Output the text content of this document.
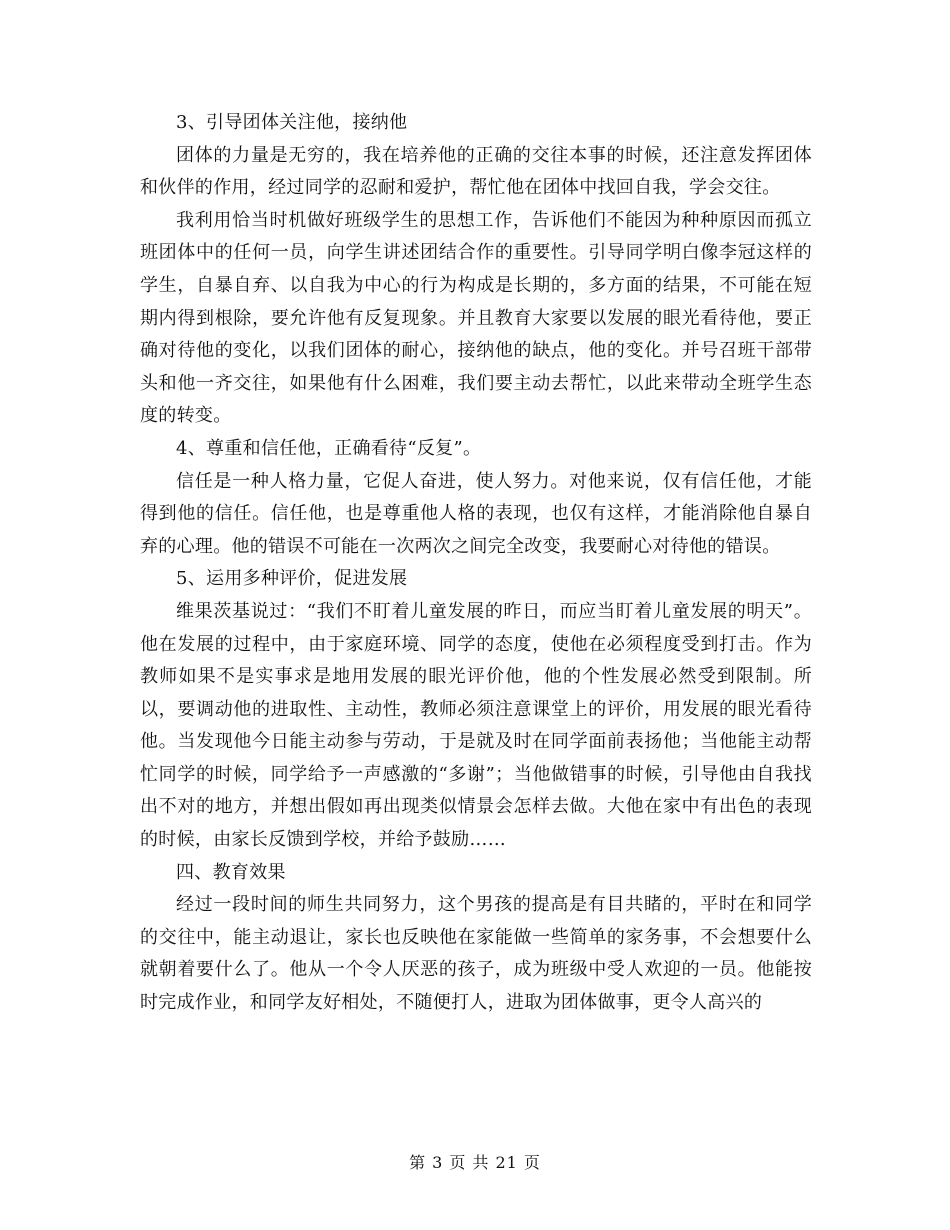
3、引导团体关注他，接纳他

团体的力量是无穷的，我在培养他的正确的交往本事的时候，还注意发挥团体和伙伴的作用，经过同学的忍耐和爱护，帮忙他在团体中找回自我，学会交往。

我利用恰当时机做好班级学生的思想工作，告诉他们不能因为种种原因而孤立班团体中的任何一员，向学生讲述团结合作的重要性。引导同学明白像李冠这样的学生，自暴自弃、以自我为中心的行为构成是长期的，多方面的结果，不可能在短期内得到根除，要允许他有反复现象。并且教育大家要以发展的眼光看待他，要正确对待他的变化，以我们团体的耐心，接纳他的缺点，他的变化。并号召班干部带头和他一齐交往，如果他有什么困难，我们要主动去帮忙，以此来带动全班学生态度的转变。

4、尊重和信任他，正确看待“反复”。

信任是一种人格力量，它促人奋进，使人努力。对他来说，仅有信任他，才能得到他的信任。信任他，也是尊重他人格的表现，也仅有这样，才能消除他自暴自弃的心理。他的错误不可能在一次两次之间完全改变，我要耐心对待他的错误。

5、运用多种评价，促进发展

维果茨基说过：“我们不盯着儿童发展的昨日，而应当盯着儿童发展的明天”。他在发展的过程中，由于家庭环境、同学的态度，使他在必须程度受到打击。作为教师如果不是实事求是地用发展的眼光评价他，他的个性发展必然受到限制。所以，要调动他的进取性、主动性，教师必须注意课堂上的评价，用发展的眼光看待他。当发现他今日能主动参与劳动，于是就及时在同学面前表扬他；当他能主动帮忙同学的时候，同学给予一声感激的“多谢”；当他做错事的时候，引导他由自我找出不对的地方，并想出假如再出现类似情景会怎样去做。大他在家中有出色的表现的时候，由家长反馈到学校，并给予鼓励……

四、教育效果

经过一段时间的师生共同努力，这个男孩的提高是有目共睹的，平时在和同学的交往中，能主动退让，家长也反映他在家能做一些简单的家务事，不会想要什么就朝着要什么了。他从一个令人厌恶的孩子，成为班级中受人欢迎的一员。他能按时完成作业，和同学友好相处，不随便打人，进取为团体做事，更令人高兴的

第 3 页 共 21 页
